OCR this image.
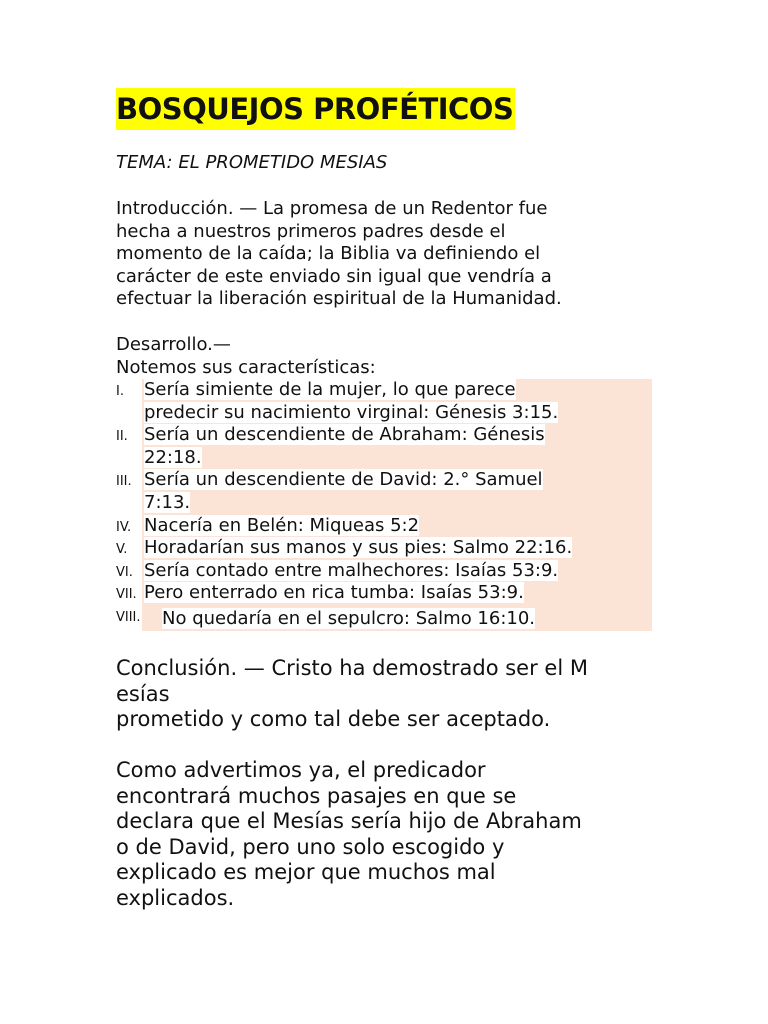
BOSQUEJOS PROFÉTICOS
TEMA: EL PROMETIDO MESIAS
Introducción. — La promesa de un Redentor fue
hecha a nuestros primeros padres desde el
momento de la caída; la Biblia va definiendo el
carácter de este enviado sin igual que vendría a
efectuar la liberación espiritual de la Humanidad.
Desarrollo.—
Notemos sus características:
I. Sería simiente de la mujer, lo que parece
predecir su nacimiento virginal: Génesis 3:15.
II. Sería un descendiente de Abraham: Génesis
22:18.
III. Sería un descendiente de David: 2.° Samuel
7:13.
IV. Nacería en Belén: Miqueas 5:2
V. Horadarían sus manos y sus pies: Salmo 22:16.
VI. Sería contado entre malhechores: Isaías 53:9.
VII. Pero enterrado en rica tumba: Isaías 53:9.
VIII. No quedaría en el sepulcro: Salmo 16:10.
Conclusión. — Cristo ha demostrado ser el M
esías
prometido y como tal debe ser aceptado.
Como advertimos ya, el predicador
encontrará muchos pasajes en que se
declara que el Mesías sería hijo de Abraham
o de David, pero uno solo escogido y
explicado es mejor que muchos mal
explicados.
